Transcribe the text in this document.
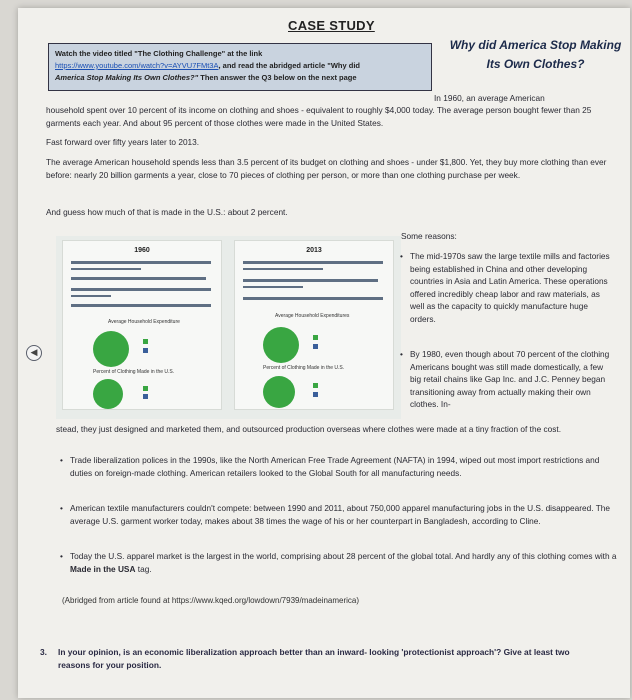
CASE STUDY
Watch the video titled "The Clothing Challenge" at the link
https://www.youtube.com/watch?v=AYVU7FMt3A, and read the abridged article "Why did
America Stop Making Its Own Clothes?" Then answer the Q3 below on the next page
Why did America Stop Making Its Own Clothes?
In 1960, an average American
household spent over 10 percent of its income on clothing and shoes - equivalent to roughly $4,000 today. The average person bought fewer than 25 garments each year. And about 95 percent of those clothes were made in the United States.
Fast forward over fifty years later to 2013.
The average American household spends less than 3.5 percent of its budget on clothing and shoes - under $1,800. Yet, they buy more clothing than ever before: nearly 20 billion garments a year, close to 70 pieces of clothing per person, or more than one clothing purchase per week.
And guess how much of that is made in the U.S.: about 2 percent.
1960
Average Household Expenditure
Percent of Clothing Made in the U.S.
2013
Average Household Expenditures
Percent of Clothing Made in the U.S.
◀
Some reasons:
• The mid-1970s saw the large textile mills and factories being established in China and other developing countries in Asia and Latin America. These operations offered incredibly cheap labor and raw materials, as well as the capacity to quickly manufacture huge orders.
• By 1980, even though about 70 percent of the clothing Americans bought was still made domestically, a few big retail chains like Gap Inc. and J.C. Penney began transitioning away from actually making their own clothes. In-
stead, they just designed and marketed them, and outsourced production overseas where clothes were made at a tiny fraction of the cost.
• Trade liberalization polices in the 1990s, like the North American Free Trade Agreement (NAFTA) in 1994, wiped out most import restrictions and duties on foreign-made clothing. American retailers looked to the Global South for all manufacturing needs.
• American textile manufacturers couldn't compete: between 1990 and 2011, about 750,000 apparel manufacturing jobs in the U.S. disappeared. The average U.S. garment worker today, makes about 38 times the wage of his or her counterpart in Bangladesh, according to Cline.
• Today the U.S. apparel market is the largest in the world, comprising about 28 percent of the global total. And hardly any of this clothing comes with a Made in the USA tag.
(Abridged from article found at https://www.kqed.org/lowdown/7939/madeinamerica)
3. In your opinion, is an economic liberalization approach better than an inward- looking 'protectionist approach'? Give at least two reasons for your position.
